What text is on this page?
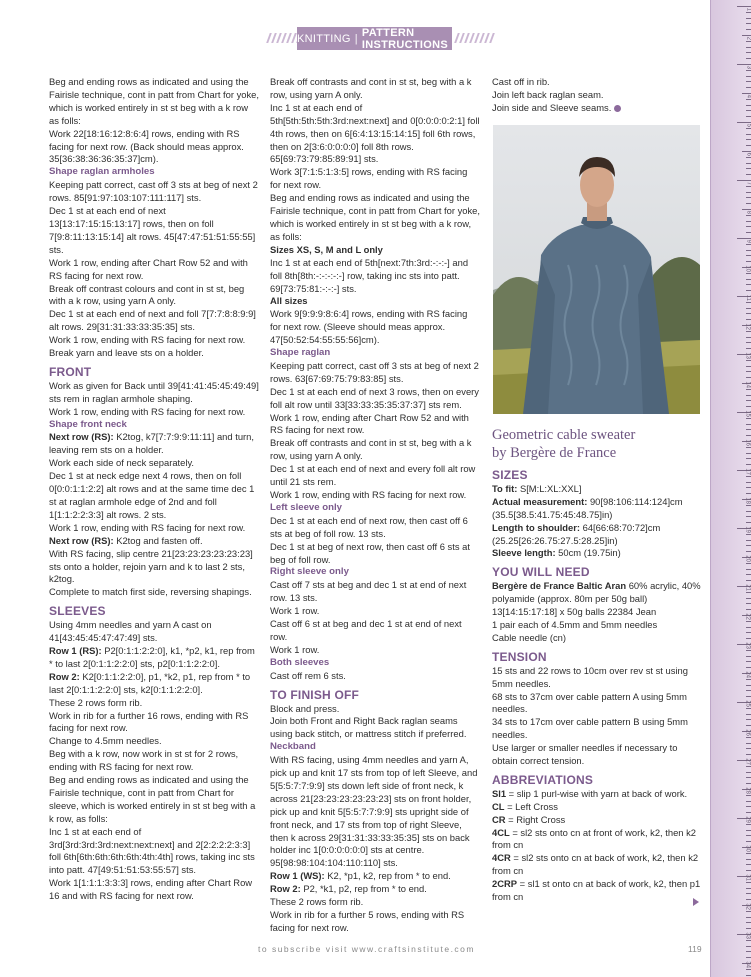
KNITTING | PATTERN INSTRUCTIONS

Beg and ending rows as indicated and using the Fairisle technique, cont in patt from Chart for yoke, which is worked entirely in st st beg with a k row as folls:

Work 22[18:16:12:8:6:4] rows, ending with RS facing for next row. (Back should meas approx. 35[36:38:36:36:35:37]cm).

Shape raglan armholes

Keeping patt correct, cast off 3 sts at beg of next 2 rows. 85[91:97:103:107:111:117] sts.

Dec 1 st at each end of next 13[13:17:15:15:13:17] rows, then on foll 7[9:8:11:13:15:14] alt rows. 45[47:47:51:51:55:55] sts.

Work 1 row, ending after Chart Row 52 and with RS facing for next row.

Break off contrast colours and cont in st st, beg with a k row, using yarn A only.

Dec 1 st at each end of next and foll 7[7:7:8:8:9:9] alt rows. 29[31:31:33:33:35:35] sts.

Work 1 row, ending with RS facing for next row.

Break yarn and leave sts on a holder.

FRONT

Work as given for Back until 39[41:41:45:45:49:49] sts rem in raglan armhole shaping.

Work 1 row, ending with RS facing for next row.

Shape front neck

Next row (RS): K2tog, k7[7:7:9:9:11:11] and turn, leaving rem sts on a holder.

Work each side of neck separately.

Dec 1 st at neck edge next 4 rows, then on foll 0[0:0:1:1:2:2] alt rows and at the same time dec 1 st at raglan armhole edge of 2nd and foll 1[1:1:2:2:3:3] alt rows. 2 sts.

Work 1 row, ending with RS facing for next row.

Next row (RS): K2tog and fasten off.

With RS facing, slip centre 21[23:23:23:23:23:23] sts onto a holder, rejoin yarn and k to last 2 sts, k2tog.

Complete to match first side, reversing shapings.

SLEEVES

Using 4mm needles and yarn A cast on 41[43:45:45:47:47:49] sts.

Row 1 (RS): P2[0:1:1:2:2:0], k1, *p2, k1, rep from * to last 2[0:1:1:2:2:0] sts, p2[0:1:1:2:2:0].

Row 2: K2[0:1:1:2:2:0], p1, *k2, p1, rep from * to last 2[0:1:1:2:2:0] sts, k2[0:1:1:2:2:0].

These 2 rows form rib.

Work in rib for a further 16 rows, ending with RS facing for next row.

Change to 4.5mm needles.

Beg with a k row, now work in st st for 2 rows, ending with RS facing for next row.

Beg and ending rows as indicated and using the Fairisle technique, cont in patt from Chart for sleeve, which is worked entirely in st st beg with a k row, as folls:

Inc 1 st at each end of 3rd[3rd:3rd:3rd:next:next:next] and 2[2:2:2:2:3:3] foll 6th[6th:6th:6th:6th:4th:4th] rows, taking inc sts into patt. 47[49:51:51:53:55:57] sts.

Work 1[1:1:1:3:3:3] rows, ending after Chart Row 16 and with RS facing for next row.

Break off contrasts and cont in st st, beg with a k row, using yarn A only.

Inc 1 st at each end of 5th[5th:5th:5th:3rd:next:next] and 0[0:0:0:0:2:1] foll 4th rows, then on 6[6:4:13:15:14:15] foll 6th rows, then on 2[3:6:0:0:0:0] foll 8th rows. 65[69:73:79:85:89:91] sts.

Work 3[7:1:5:1:3:5] rows, ending with RS facing for next row.

Beg and ending rows as indicated and using the Fairisle technique, cont in patt from Chart for yoke, which is worked entirely in st st beg with a k row, as folls:

Sizes XS, S, M and L only

Inc 1 st at each end of 5th[next:7th:3rd:-:-:-] and foll 8th[8th:-:-:-:-:-] row, taking inc sts into patt. 69[73:75:81:-:-:-] sts.

All sizes

Work 9[9:9:9:8:6:4] rows, ending with RS facing for next row. (Sleeve should meas approx. 47[50:52:54:55:55:56]cm).

Shape raglan

Keeping patt correct, cast off 3 sts at beg of next 2 rows. 63[67:69:75:79:83:85] sts.

Dec 1 st at each end of next 3 rows, then on every foll alt row until 33[33:33:35:35:37:37] sts rem.

Work 1 row, ending after Chart Row 52 and with RS facing for next row.

Break off contrasts and cont in st st, beg with a k row, using yarn A only.

Dec 1 st at each end of next and every foll alt row until 21 sts rem.

Work 1 row, ending with RS facing for next row.

Left sleeve only

Dec 1 st at each end of next row, then cast off 6 sts at beg of foll row. 13 sts.

Dec 1 st at beg of next row, then cast off 6 sts at beg of foll row.

Right sleeve only

Cast off 7 sts at beg and dec 1 st at end of next row. 13 sts.

Work 1 row.

Cast off 6 st at beg and dec 1 st at end of next row.

Work 1 row.

Both sleeves

Cast off rem 6 sts.

TO FINISH OFF

Block and press.

Join both Front and Right Back raglan seams using back stitch, or mattress stitch if preferred.

Neckband

With RS facing, using 4mm needles and yarn A, pick up and knit 17 sts from top of left Sleeve, and 5[5:5:7:7:9:9] sts down left side of front neck, k across 21[23:23:23:23:23:23] sts on front holder, pick up and knit 5[5:5:7:7:9:9] sts upright side of front neck, and 17 sts from top of right Sleeve, then k across 29[31:31:33:33:35:35] sts on back holder inc 1[0:0:0:0:0:0] sts at centre. 95[98:98:104:104:110:110] sts.

Row 1 (WS): K2, *p1, k2, rep from * to end.

Row 2: P2, *k1, p2, rep from * to end.

These 2 rows form rib.

Work in rib for a further 5 rows, ending with RS facing for next row.

Cast off in rib.

Join left back raglan seam.

Join side and Sleeve seams.

Geometric cable sweater
by Bergère de France

SIZES

To fit: S[M:L:XL:XXL]

Actual measurement: 90[98:106:114:124]cm (35.5[38.5:41.75:45:48.75]in)

Length to shoulder: 64[66:68:70:72]cm (25.25[26:26.75:27.5:28.25]in)

Sleeve length: 50cm (19.75in)

YOU WILL NEED

Bergère de France Baltic Aran 60% acrylic, 40% polyamide (approx. 80m per 50g ball) 13[14:15:17:18] x 50g balls 22384 Jean

1 pair each of 4.5mm and 5mm needles

Cable needle (cn)

TENSION

15 sts and 22 rows to 10cm over rev st st using 5mm needles.

68 sts to 37cm over cable pattern A using 5mm needles.

34 sts to 17cm over cable pattern B using 5mm needles.

Use larger or smaller needles if necessary to obtain correct tension.

ABBREVIATIONS

Sl1 = slip 1 purl-wise with yarn at back of work.

CL = Left Cross

CR = Right Cross

4CL = sl2 sts onto cn at front of work, k2, then k2 from cn

4CR = sl2 sts onto cn at back of work, k2, then k2 from cn

2CRP = sl1 st onto cn at back of work, k2, then p1 from cn

to subscribe visit www.craftsinstitute.com	119
1
2
3
4
5
6
7
8
9
10
11
12
13
14
15
16
17
18
19
20
21
22
23
24
25
26
27
28
29
30
31
32
33
34
